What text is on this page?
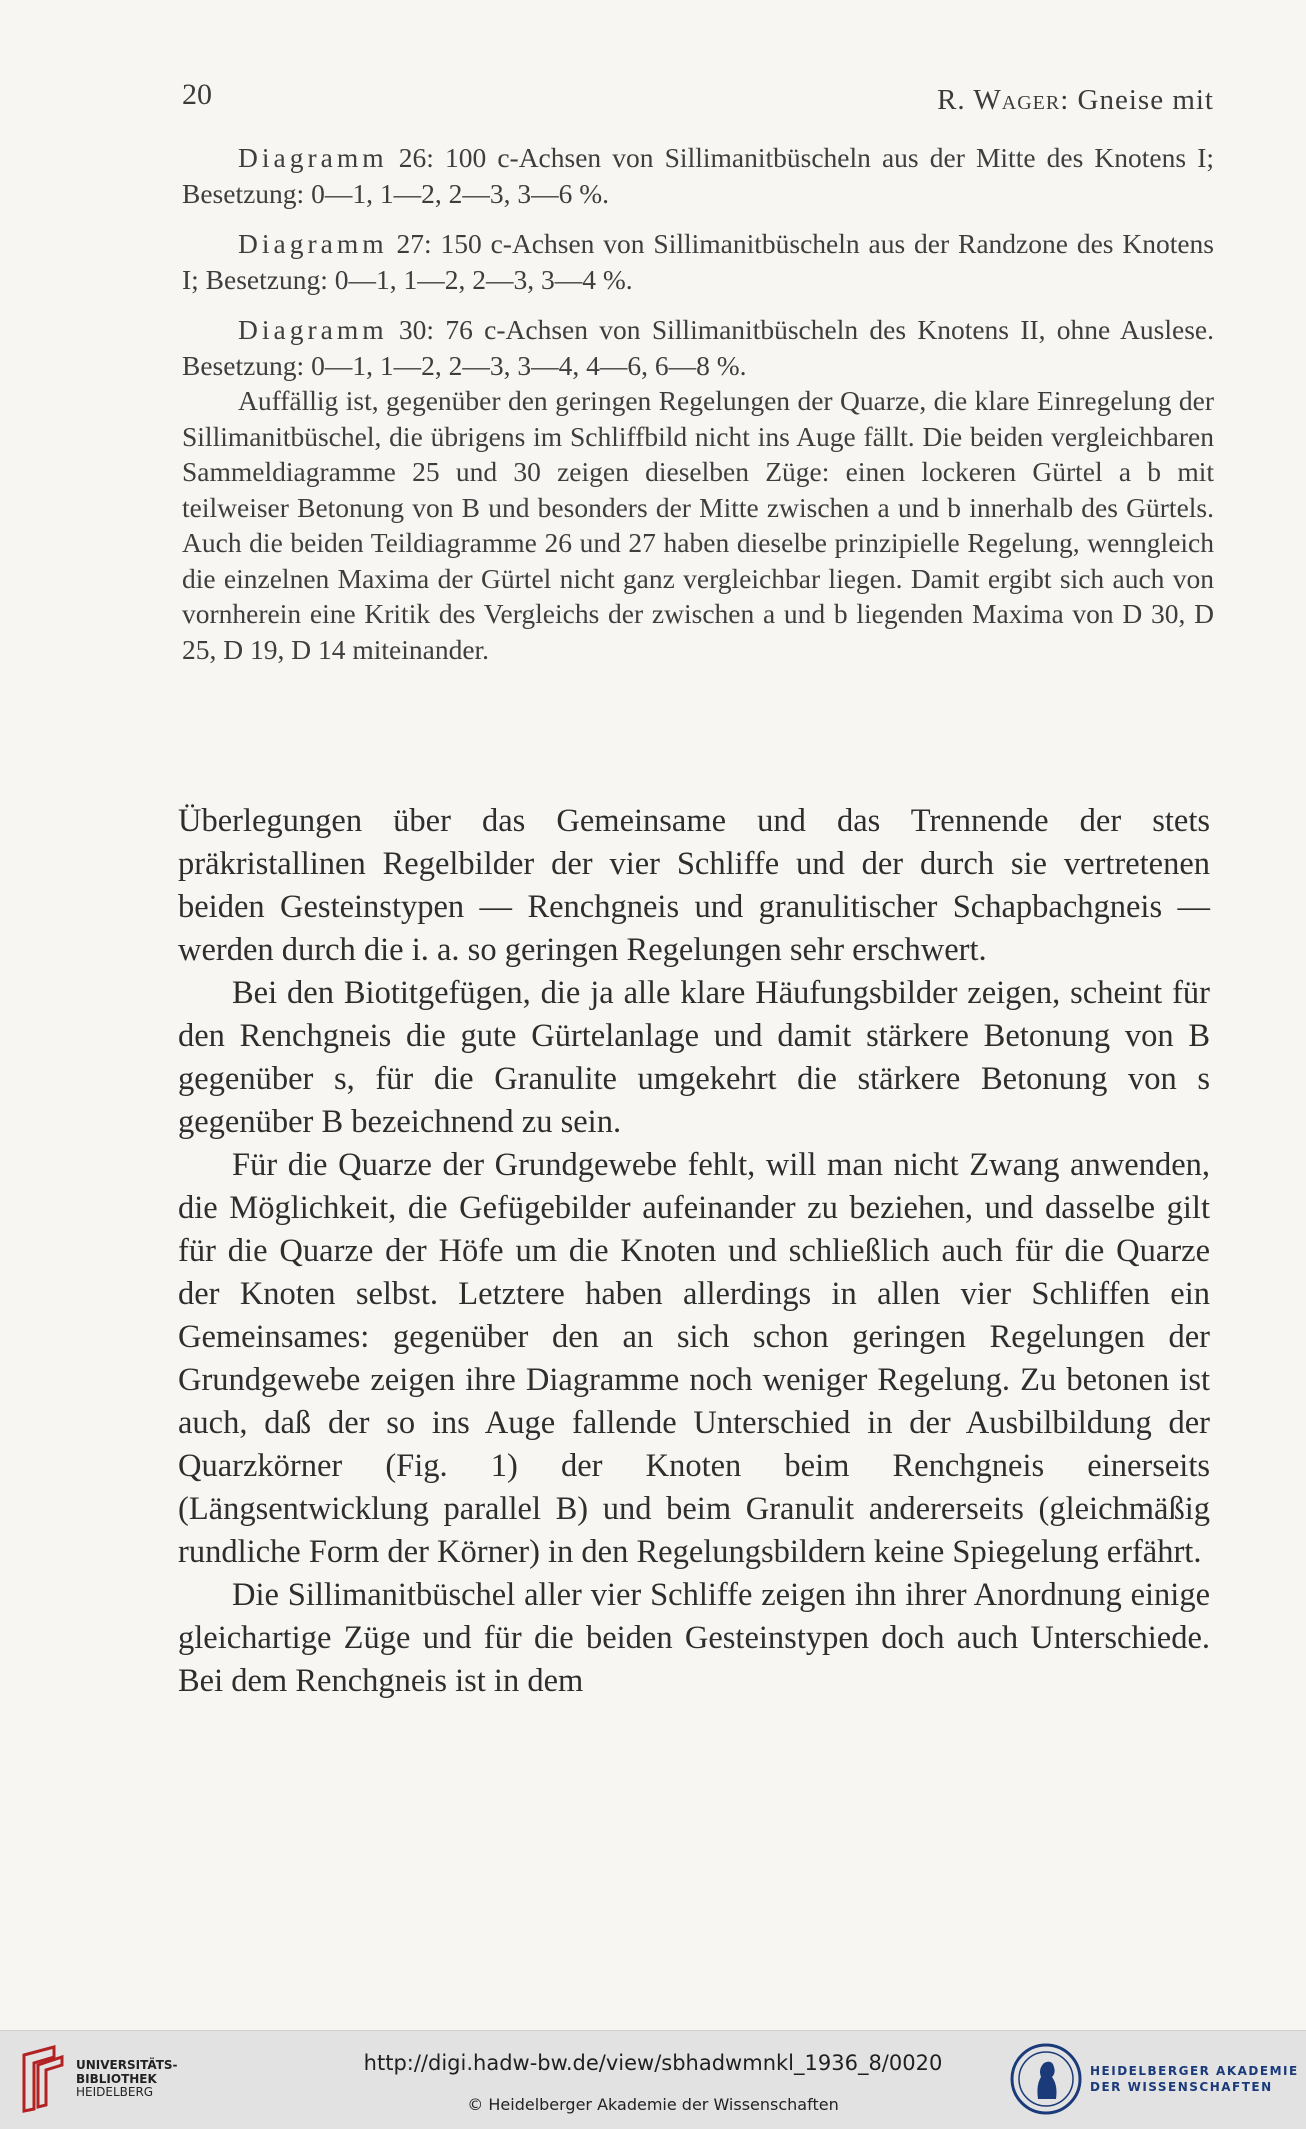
20	R. Wager: Gneise mit

Diagramm 26: 100 c-Achsen von Sillimanitbüscheln aus der Mitte des Knotens I; Besetzung: 0—1, 1—2, 2—3, 3—6 %.

Diagramm 27: 150 c-Achsen von Sillimanitbüscheln aus der Randzone des Knotens I; Besetzung: 0—1, 1—2, 2—3, 3—4 %.

Diagramm 30: 76 c-Achsen von Sillimanitbüscheln des Knotens II, ohne Auslese. Besetzung: 0—1, 1—2, 2—3, 3—4, 4—6, 6—8 %.

Auffällig ist, gegenüber den geringen Regelungen der Quarze, die klare Einregelung der Sillimanitbüschel, die übrigens im Schliffbild nicht ins Auge fällt. Die beiden vergleichbaren Sammeldiagramme 25 und 30 zeigen dieselben Züge: einen lockeren Gürtel a b mit teilweiser Betonung von B und besonders der Mitte zwischen a und b innerhalb des Gürtels. Auch die beiden Teildiagramme 26 und 27 haben dieselbe prinzipielle Regelung, wenngleich die einzelnen Maxima der Gürtel nicht ganz vergleichbar liegen. Damit ergibt sich auch von vornherein eine Kritik des Vergleichs der zwischen a und b liegenden Maxima von D 30, D 25, D 19, D 14 miteinander.

Überlegungen über das Gemeinsame und das Trennende der stets präkristallinen Regelbilder der vier Schliffe und der durch sie vertretenen beiden Gesteinstypen — Renchgneis und granulitischer Schapbachgneis — werden durch die i. a. so geringen Regelungen sehr erschwert.

Bei den Biotitgefügen, die ja alle klare Häufungsbilder zeigen, scheint für den Renchgneis die gute Gürtelanlage und damit stärkere Betonung von B gegenüber s, für die Granulite umgekehrt die stärkere Betonung von s gegenüber B bezeichnend zu sein.

Für die Quarze der Grundgewebe fehlt, will man nicht Zwang anwenden, die Möglichkeit, die Gefügebilder aufeinander zu beziehen, und dasselbe gilt für die Quarze der Höfe um die Knoten und schließlich auch für die Quarze der Knoten selbst. Letztere haben allerdings in allen vier Schliffen ein Gemeinsames: gegenüber den an sich schon geringen Regelungen der Grundgewebe zeigen ihre Diagramme noch weniger Regelung. Zu betonen ist auch, daß der so ins Auge fallende Unterschied in der Ausbilbildung der Quarzkörner (Fig. 1) der Knoten beim Renchgneis einerseits (Längsentwicklung parallel B) und beim Granulit andererseits (gleichmäßig rundliche Form der Körner) in den Regelungsbildern keine Spiegelung erfährt.

Die Sillimanitbüschel aller vier Schliffe zeigen ihn ihrer Anordnung einige gleichartige Züge und für die beiden Gesteinstypen doch auch Unterschiede. Bei dem Renchgneis ist in dem

UNIVERSITÄTS-
BIBLIOTHEK
HEIDELBERG
http://digi.hadw-bw.de/view/sbhadwmnkl_1936_8/0020
© Heidelberger Akademie der Wissenschaften
HEIDELBERGER AKADEMIE
DER WISSENSCHAFTEN
